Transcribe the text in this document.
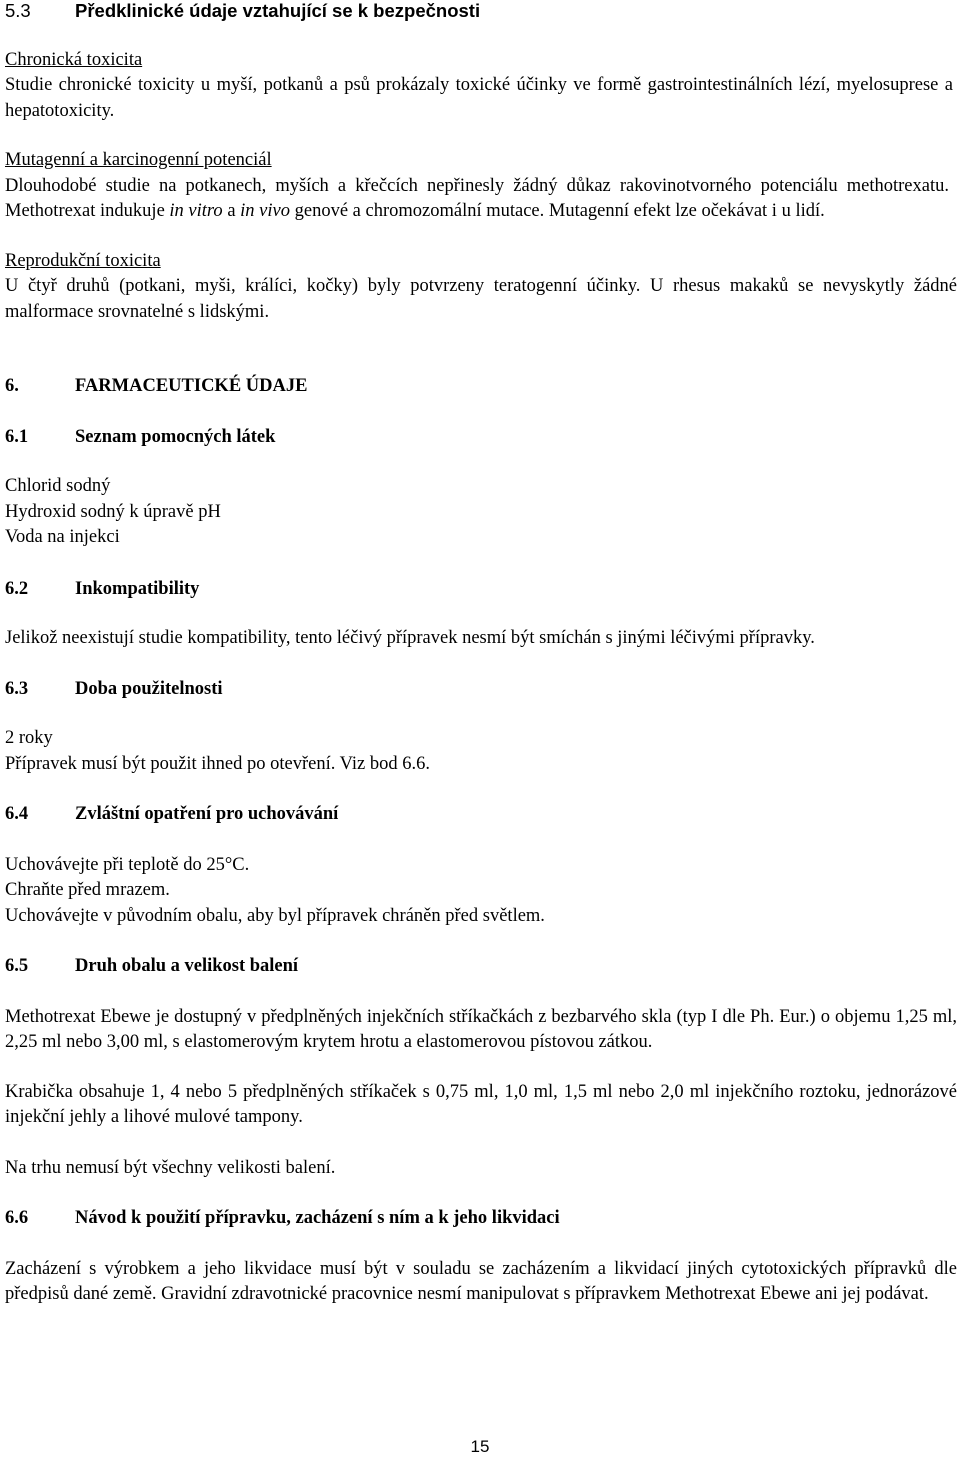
5.3 Předklinické údaje vztahující se k bezpečnosti

Chronická toxicita

Studie chronické toxicity u myší, potkanů a psů prokázaly toxické účinky ve formě gastrointestinálních lézí, myelosuprese a hepatotoxicity.

Mutagenní a karcinogenní potenciál

Dlouhodobé studie na potkanech, myších a křečcích nepřinesly žádný důkaz rakovinotvorného potenciálu methotrexatu. Methotrexat indukuje in vitro a in vivo genové a chromozomální mutace. Mutagenní efekt lze očekávat i u lidí.

Reprodukční toxicita

U čtyř druhů (potkani, myši, králíci, kočky) byly potvrzeny teratogenní účinky. U rhesus makaků se nevyskytly žádné malformace srovnatelné s lidskými.

6.	FARMACEUTICKÉ ÚDAJE
6.1	Seznam pomocných látek

Chlorid sodný

Hydroxid sodný k úpravě pH

Voda na injekci

6.2	Inkompatibility

Jelikož neexistují studie kompatibility, tento léčivý přípravek nesmí být smíchán s jinými léčivými přípravky.

6.3	Doba použitelnosti

2 roky

Přípravek musí být použit ihned po otevření. Viz bod 6.6.

6.4	Zvláštní opatření pro uchovávání

Uchovávejte při teplotě do 25°C.

Chraňte před mrazem.

Uchovávejte v původním obalu, aby byl přípravek chráněn před světlem.

6.5	Druh obalu a velikost balení

Methotrexat Ebewe je dostupný v předplněných injekčních stříkačkách z bezbarvého skla (typ I dle Ph. Eur.) o objemu 1,25 ml, 2,25 ml nebo 3,00 ml, s elastomerovým krytem hrotu a elastomerovou pístovou zátkou.

Krabička obsahuje 1, 4 nebo 5 předplněných stříkaček s 0,75 ml, 1,0 ml, 1,5 ml nebo 2,0 ml injekčního roztoku, jednorázové injekční jehly a lihové mulové tampony.

Na trhu nemusí být všechny velikosti balení.

6.6	Návod k použití přípravku, zacházení s ním a k jeho likvidaci

Zacházení s výrobkem a jeho likvidace musí být v souladu se zacházením a likvidací jiných cytotoxických přípravků dle předpisů dané země. Gravidní zdravotnické pracovnice nesmí manipulovat s přípravkem Methotrexat Ebewe ani jej podávat.

15
